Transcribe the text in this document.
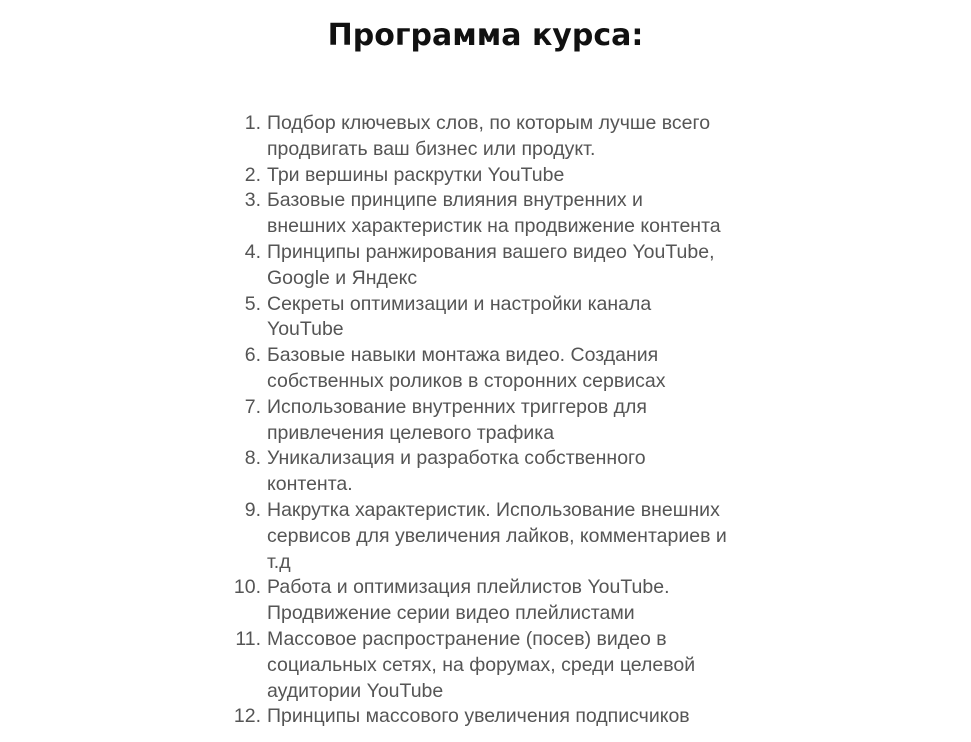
Программа курса:
1. Подбор ключевых слов, по которым лучше всего
продвигать ваш бизнес или продукт.
2. Три вершины раскрутки YouTube
3. Базовые принципе влияния внутренних и
внешних характеристик на продвижение контента
4. Принципы ранжирования вашего видео YouTube,
Google и Яндекс
5. Секреты оптимизации и настройки канала
YouTube
6. Базовые навыки монтажа видео. Создания
собственных роликов в сторонних сервисах
7. Использование внутренних триггеров для
привлечения целевого трафика
8. Уникализация и разработка собственного
контента.
9. Накрутка характеристик. Использование внешних
сервисов для увеличения лайков, комментариев и
т.д
10. Работа и оптимизация плейлистов YouTube.
Продвижение серии видео плейлистами
11. Массовое распространение (посев) видео в
социальных сетях, на форумах, среди целевой
аудитории YouTube
12. Принципы массового увеличения подписчиков
